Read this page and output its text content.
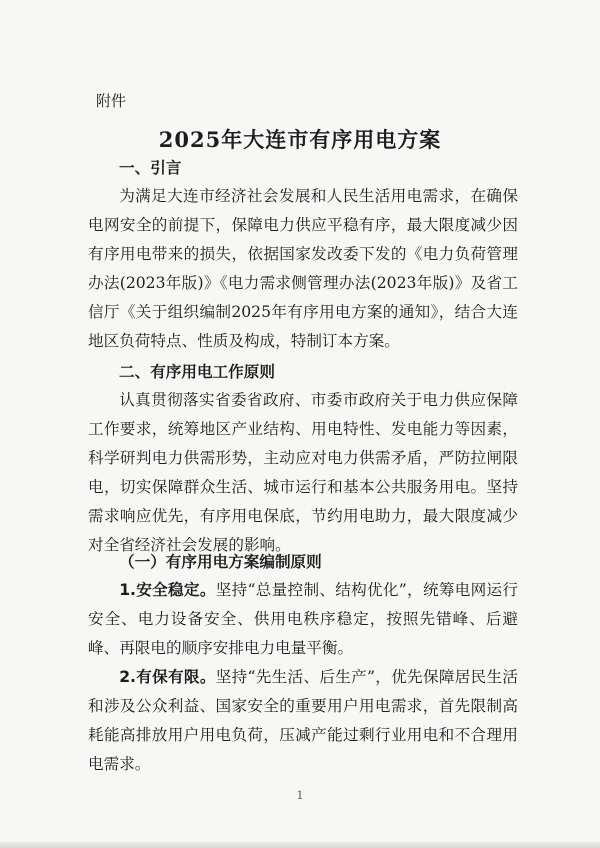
附件
2025年大连市有序用电方案
一、引言

为满足大连市经济社会发展和人民生活用电需求，在确保电网安全的前提下，保障电力供应平稳有序，最大限度减少因有序用电带来的损失，依据国家发改委下发的《电力负荷管理办法(2023年版)》《电力需求侧管理办法(2023年版)》及省工信厅《关于组织编制2025年有序用电方案的通知》，结合大连地区负荷特点、性质及构成，特制订本方案。

二、有序用电工作原则

认真贯彻落实省委省政府、市委市政府关于电力供应保障工作要求，统筹地区产业结构、用电特性、发电能力等因素，科学研判电力供需形势，主动应对电力供需矛盾，严防拉闸限电，切实保障群众生活、城市运行和基本公共服务用电。坚持需求响应优先，有序用电保底，节约用电助力，最大限度减少对全省经济社会发展的影响。

（一）有序用电方案编制原则

1.安全稳定。坚持“总量控制、结构优化”，统筹电网运行安全、电力设备安全、供用电秩序稳定，按照先错峰、后避峰、再限电的顺序安排电力电量平衡。

2.有保有限。坚持“先生活、后生产”，优先保障居民生活和涉及公众利益、国家安全的重要用户用电需求，首先限制高耗能高排放用户用电负荷，压减产能过剩行业用电和不合理用电需求。

1
